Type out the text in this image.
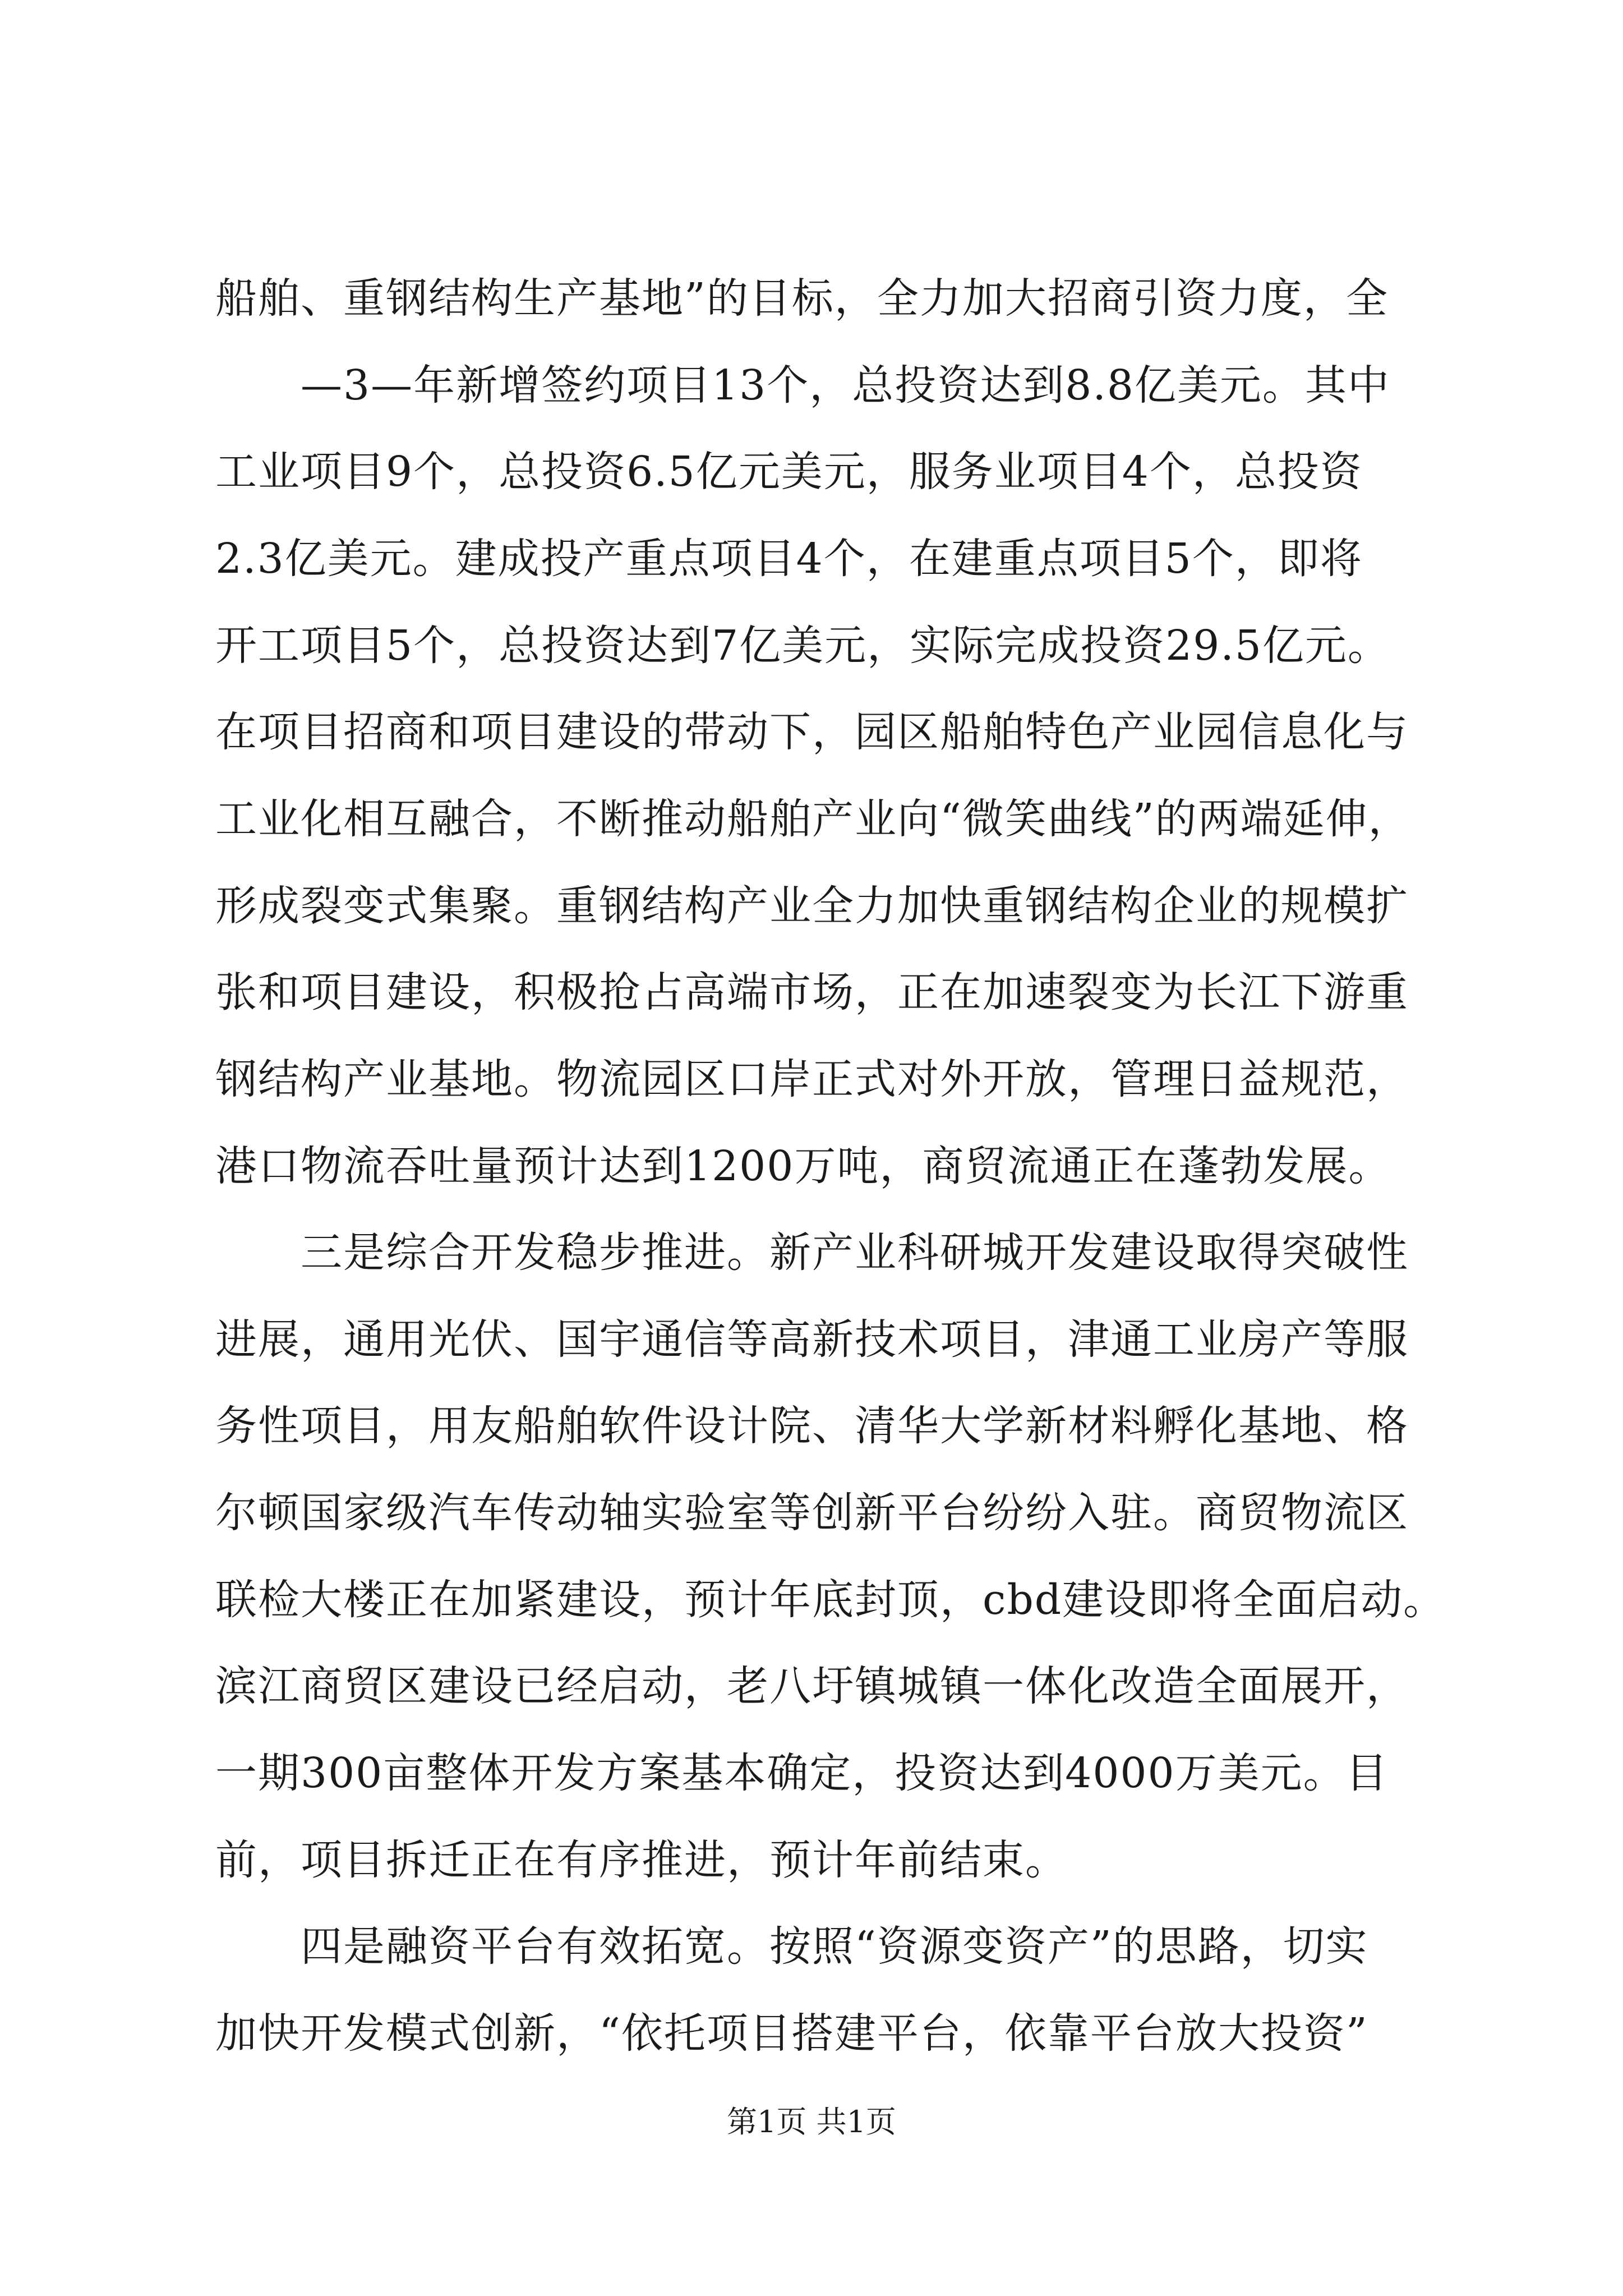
船舶、重钢结构生产基地”的目标，全力加大招商引资力度，全
　　—3—年新增签约项目13个，总投资达到8.8亿美元。其中
工业项目9个，总投资6.5亿元美元，服务业项目4个，总投资
2.3亿美元。建成投产重点项目4个，在建重点项目5个，即将
开工项目5个，总投资达到7亿美元，实际完成投资29.5亿元。
在项目招商和项目建设的带动下，园区船舶特色产业园信息化与
工业化相互融合，不断推动船舶产业向“微笑曲线”的两端延伸，
形成裂变式集聚。重钢结构产业全力加快重钢结构企业的规模扩
张和项目建设，积极抢占高端市场，正在加速裂变为长江下游重
钢结构产业基地。物流园区口岸正式对外开放，管理日益规范，
港口物流吞吐量预计达到1200万吨，商贸流通正在蓬勃发展。
　　三是综合开发稳步推进。新产业科研城开发建设取得突破性
进展，通用光伏、国宇通信等高新技术项目，津通工业房产等服
务性项目，用友船舶软件设计院、清华大学新材料孵化基地、格
尔顿国家级汽车传动轴实验室等创新平台纷纷入驻。商贸物流区
联检大楼正在加紧建设，预计年底封顶，cbd建设即将全面启动。
滨江商贸区建设已经启动，老八圩镇城镇一体化改造全面展开，
一期300亩整体开发方案基本确定，投资达到4000万美元。目
前，项目拆迁正在有序推进，预计年前结束。
　　四是融资平台有效拓宽。按照“资源变资产”的思路，切实
加快开发模式创新，“依托项目搭建平台，依靠平台放大投资”
第1页 共1页
